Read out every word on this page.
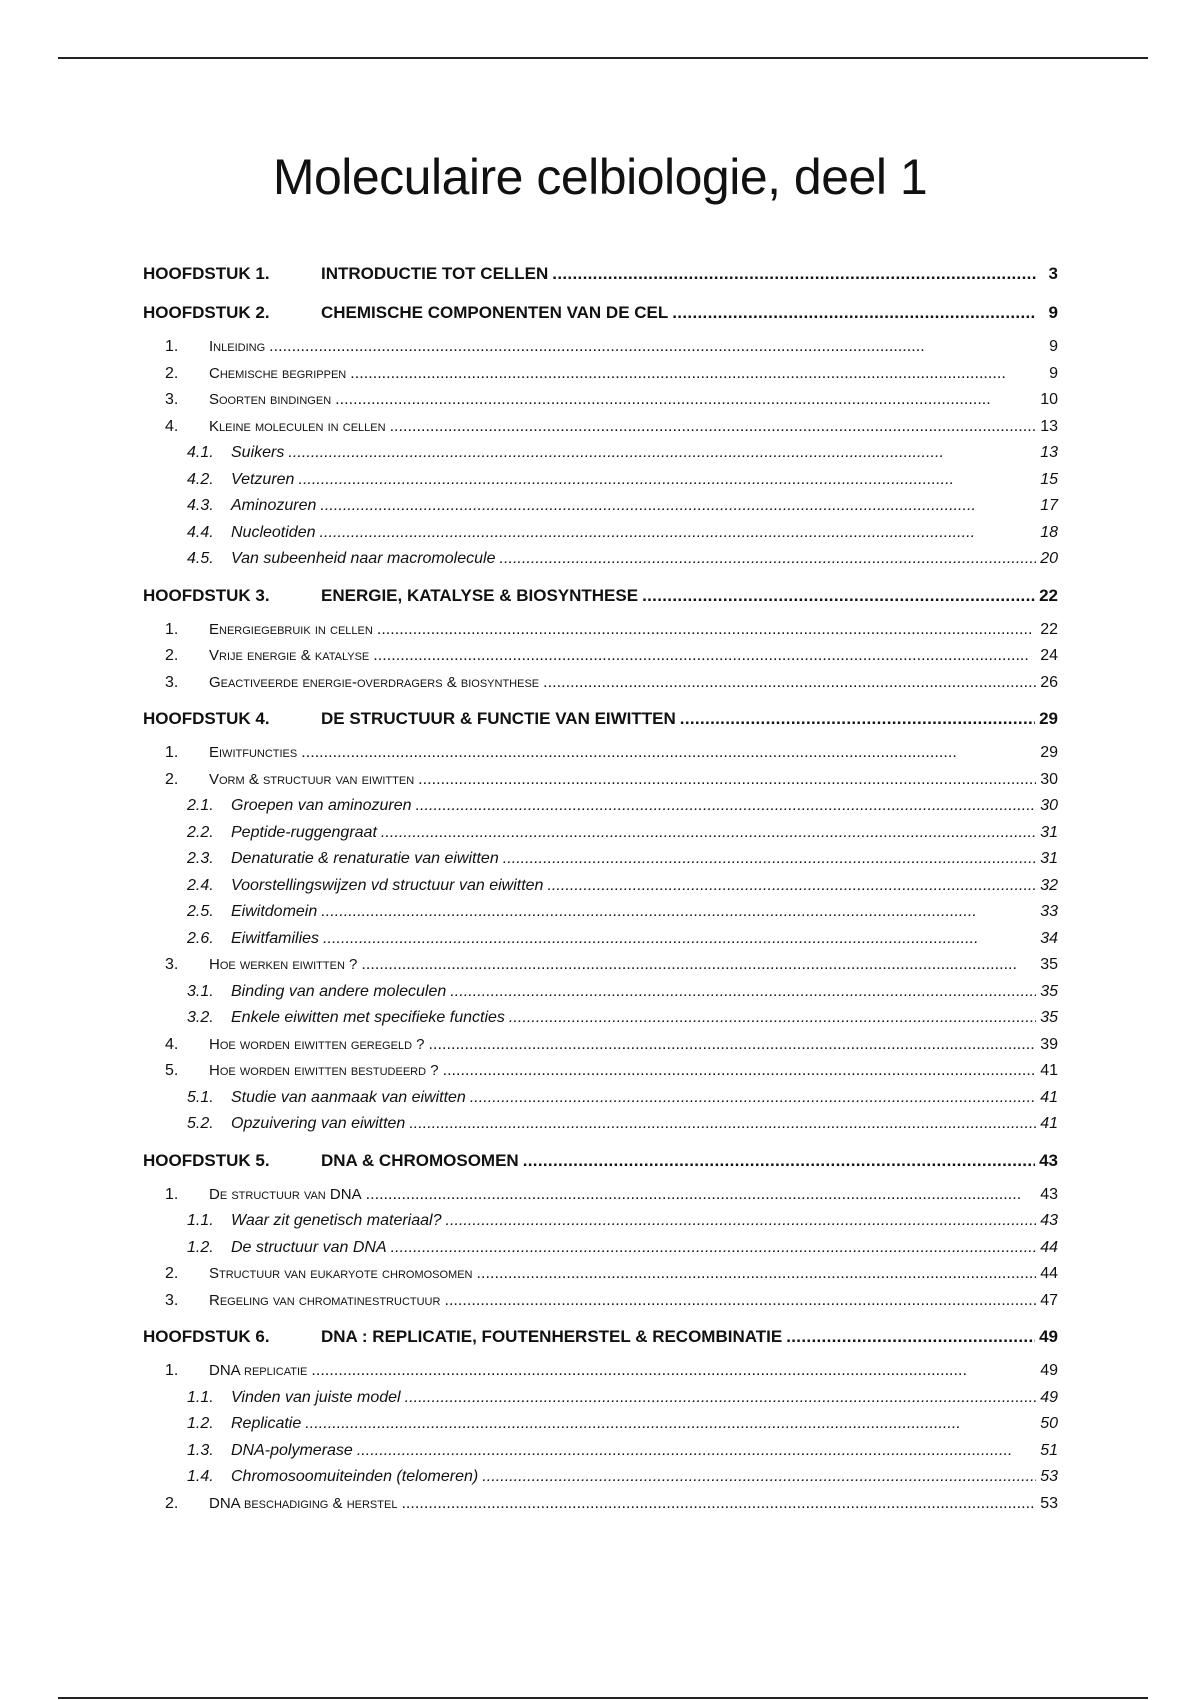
Moleculaire celbiologie, deel 1
HOOFDSTUK 1.	INTRODUCTIE TOT CELLEN . . .	3
HOOFDSTUK 2.	CHEMISCHE COMPONENTEN VAN DE CEL . . .	9
1.	Inleiding . . .	9
2.	Chemische begrippen . . .	9
3.	Soorten bindingen . . .	10
4.	Kleine moleculen in cellen . . .	13
4.1.	Suikers . . .	13
4.2.	Vetzuren . . .	15
4.3.	Aminozuren . . .	17
4.4.	Nucleotiden . . .	18
4.5.	Van subeenheid naar macromolecule . . .	20
HOOFDSTUK 3.	ENERGIE, KATALYSE & BIOSYNTHESE . . .	22
1.	Energiegebruik in cellen . . .	22
2.	Vrije energie & katalyse . . .	24
3.	Geactiveerde energie-overdragers & biosynthese . . .	26
HOOFDSTUK 4.	DE STRUCTUUR & FUNCTIE VAN EIWITTEN . . .	29
1.	Eiwitfuncties . . .	29
2.	Vorm & structuur van eiwitten . . .	30
2.1.	Groepen van aminozuren . . .	30
2.2.	Peptide-ruggengraat . . .	31
2.3.	Denaturatie & renaturatie van eiwitten . . .	31
2.4.	Voorstellingswijzen vd structuur van eiwitten . . .	32
2.5.	Eiwitdomein . . .	33
2.6.	Eiwitfamilies . . .	34
3.	Hoe werken eiwitten ? . . .	35
3.1.	Binding van andere moleculen . . .	35
3.2.	Enkele eiwitten met specifieke functies . . .	35
4.	Hoe worden eiwitten geregeld ? . . .	39
5.	Hoe worden eiwitten bestudeerd ? . . .	41
5.1.	Studie van aanmaak van eiwitten . . .	41
5.2.	Opzuivering van eiwitten . . .	41
HOOFDSTUK 5.	DNA & CHROMOSOMEN . . .	43
1.	De structuur van DNA . . .	43
1.1.	Waar zit genetisch materiaal? . . .	43
1.2.	De structuur van DNA . . .	44
2.	Structuur van eukaryote chromosomen . . .	44
3.	Regeling van chromatinestructuur . . .	47
HOOFDSTUK 6.	DNA : REPLICATIE, FOUTENHERSTEL & RECOMBINATIE . . .	49
1.	DNA replicatie . . .	49
1.1.	Vinden van juiste model . . .	49
1.2.	Replicatie . . .	50
1.3.	DNA-polymerase . . .	51
1.4.	Chromosoomuiteinden (telomeren) . . .	53
2.	DNA beschadiging & herstel . . .	53
